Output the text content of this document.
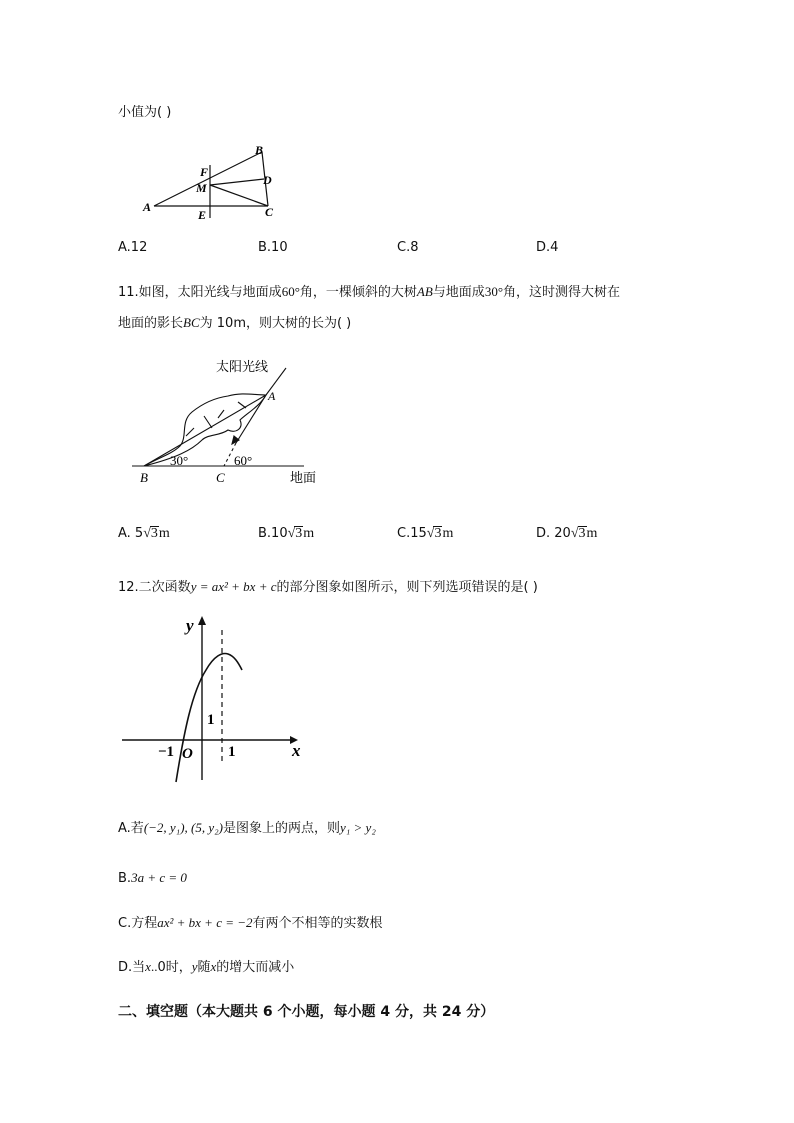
小值为( )
A
B
C
D
E
F
M
A.12	B.10	C.8	D.4
11.如图，太阳光线与地面成60°角，一棵倾斜的大树AB与地面成30°角，这时测得大树在
地面的影长BC为 10m，则大树的长为( )
太阳光线
A
B	C
30°	60°
地面
A. 5√3m	B.10√3m	C.15√3m	D. 20√3m
12.二次函数y = ax² + bx + c的部分图象如图所示，则下列选项错误的是( )
y
x
1
−1 O 1
A.若(−2, y₁), (5, y₂)是图象上的两点，则y₁ > y₂
B.3a + c = 0
C.方程ax² + bx + c = −2有两个不相等的实数根
D.当x..0时，y随x的增大而减小
二、填空题（本大题共 6 个小题，每小题 4 分，共 24 分）
